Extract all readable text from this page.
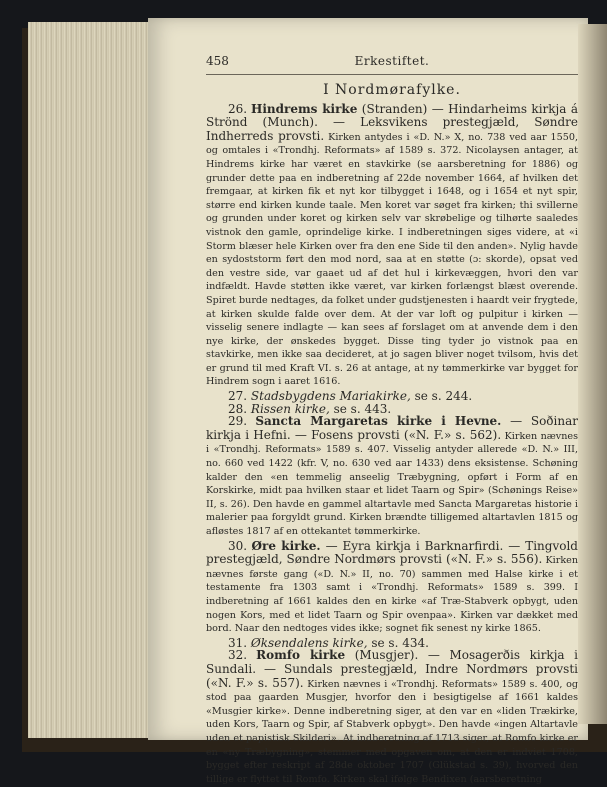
458	Erkestiftet.
I Nordmørafylke.

26. Hindrems kirke (Stranden) — Hindarheims kirkja á Strönd (Munch). — Leksvikens prestegjæld, Søndre Indherreds provsti. Kirken antydes i «D. N.» X, no. 738 ved aar 1550, og omtales i «Trondhj. Reformats» af 1589 s. 372. Nicolaysen antager, at Hindrems kirke har været en stavkirke (se aarsberetning for 1886) og grunder dette paa en indberetning af 22de november 1664, af hvilken det fremgaar, at kirken fik et nyt kor tilbygget i 1648, og i 1654 et nyt spir, større end kirken kunde taale. Men koret var søget fra kirken; thi svillerne og grunden under koret og kirken selv var skrøbelige og tilhørte saaledes vistnok den gamle, oprindelige kirke. I indberetningen siges videre, at «i Storm blæser hele Kirken over fra den ene Side til den anden». Nylig havde en sydoststorm ført den mod nord, saa at en støtte (ɔ: skorde), opsat ved den vestre side, var gaaet ud af det hul i kirkevæggen, hvori den var indfældt. Havde støtten ikke været, var kirken forlængst blæst overende. Spiret burde nedtages, da folket under gudstjenesten i haardt veir frygtede, at kirken skulde falde over dem. At der var loft og pulpitur i kirken — visselig senere indlagte — kan sees af forslaget om at anvende dem i den nye kirke, der ønskedes bygget. Disse ting tyder jo vistnok paa en stavkirke, men ikke saa decideret, at jo sagen bliver noget tvilsom, hvis det er grund til med Kraft VI. s. 26 at antage, at ny tømmerkirke var bygget for Hindrem sogn i aaret 1616.

27. Stadsbygdens Mariakirke, se s. 244.

28. Rissen kirke, se s. 443.

29. Sancta Margaretas kirke i Hevne. — Soðinar kirkja i Hefni. — Fosens provsti («N. F.» s. 562). Kirken nævnes i «Trondhj. Reformats» 1589 s. 407. Visselig antyder allerede «D. N.» III, no. 660 ved 1422 (kfr. V, no. 630 ved aar 1433) dens eksistense. Schøning kalder den «en temmelig anseelig Træbygning, opført i Form af en Korskirke, midt paa hvilken staar et lidet Taarn og Spir» (Schønings Reise» II, s. 26). Den havde en gammel altartavle med Sancta Margaretas historie i malerier paa forgyldt grund. Kirken brændte tilligemed altartavlen 1815 og afløstes 1817 af en ottekantet tømmerkirke.

30. Øre kirke. — Eyra kirkja i Barknarfirdi. — Tingvold prestegjæld, Søndre Nordmørs provsti («N. F.» s. 556). Kirken nævnes første gang («D. N.» II, no. 70) sammen med Halse kirke i et testamente fra 1303 samt i «Trondhj. Reformats» 1589 s. 399. I indberetning af 1661 kaldes den en kirke «af Træ-Stabverk opbygt, uden nogen Kors, med et lidet Taarn og Spir ovenpaa». Kirken var dækket med bord. Naar den nedtoges vides ikke; sognet fik senest ny kirke 1865.

31. Øksendalens kirke, se s. 434.

32. Romfo kirke (Musgjer). — Mosagerðis kirkja i Sundali. — Sundals prestegjæld, Indre Nordmørs provsti («N. F.» s. 557). Kirken nævnes i «Trondhj. Reformats» 1589 s. 400, og stod paa gaarden Musgjer, hvorfor den i besigtigelse af 1661 kaldes «Musgier kirke». Denne indberetning siger, at den var en «liden Trækirke, uden Kors, Taarn og Spir, af Stabverk opbygt». Den havde «ingen Altartavle uden et papistisk Skilderi». At indberetning af 1713 siger, at Romfo kirke er en «ny Træbygning», stemmer med opgaven om, at den er indviet 1708, bygget efter reskript af 28de oktober 1707 (Glükstad s. 39), hvorved den tillige er flyttet til Romfo. Kirken skal ifølge Bendixen (aarsberetning
